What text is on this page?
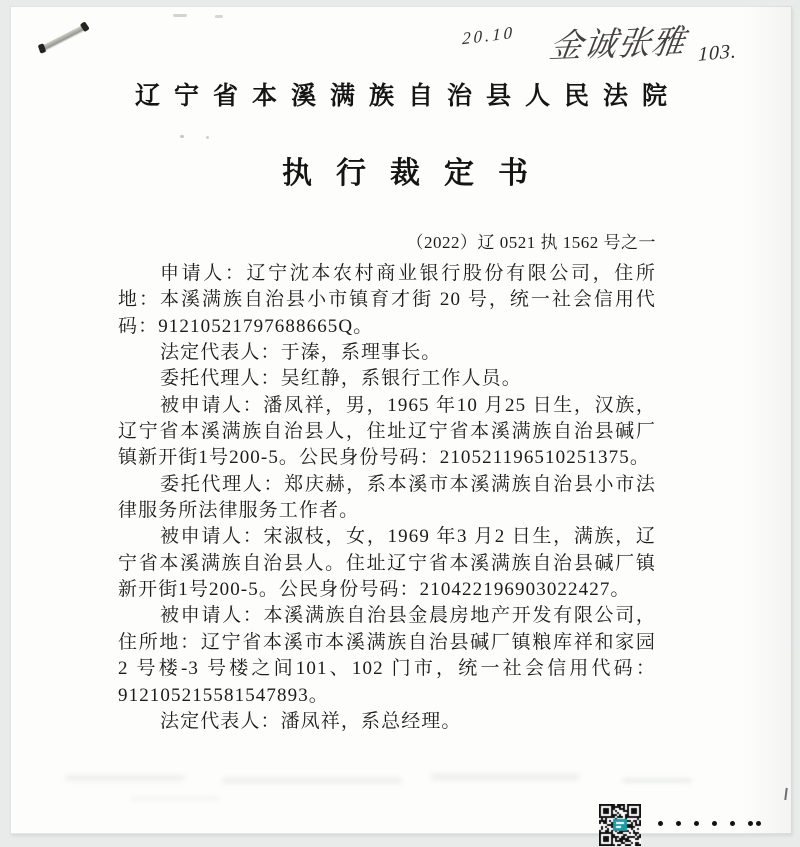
20.10 金诚张雅 103.
辽宁省本溪满族自治县人民法院
执行裁定书
（2022）辽 0521 执 1562 号之一

申请人：辽宁沈本农村商业银行股份有限公司，住所地：本溪满族自治县小市镇育才街 20 号，统一社会信用代码：91210521797688665Q。

法定代表人：于溱，系理事长。

委托代理人：吴红静，系银行工作人员。

被申请人：潘凤祥，男，1965 年10 月25 日生，汉族，辽宁省本溪满族自治县人，住址辽宁省本溪满族自治县碱厂镇新开街1号200-5。公民身份号码：210521196510251375。

委托代理人：郑庆赫，系本溪市本溪满族自治县小市法律服务所法律服务工作者。

被申请人：宋淑枝，女，1969 年3 月2 日生，满族，辽宁省本溪满族自治县人。住址辽宁省本溪满族自治县碱厂镇新开街1号200-5。公民身份号码：210422196903022427。

被申请人：本溪满族自治县金晨房地产开发有限公司，住所地：辽宁省本溪市本溪满族自治县碱厂镇粮库祥和家园 2 号楼-3 号楼之间101、102 门市，统一社会信用代码：912105215581547893。

法定代表人：潘凤祥，系总经理。
